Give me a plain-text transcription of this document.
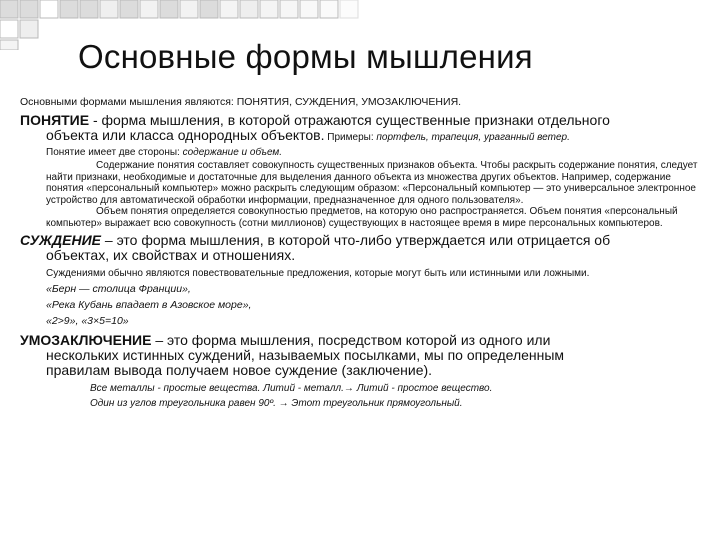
Основные формы мышления
Основными формами мышления являются: ПОНЯТИЯ, СУЖДЕНИЯ, УМОЗАКЛЮЧЕНИЯ.
ПОНЯТИЕ - форма мышления, в которой отражаются существенные признаки отдельного
объекта или класса однородных объектов. Примеры: портфель, трапеция, ураганный ветер.
Понятие имеет две стороны: содержание и объем.
Содержание понятия составляет совокупность существенных признаков объекта. Чтобы раскрыть содержание понятия, следует найти признаки, необходимые и достаточные для выделения данного объекта из множества других объектов. Например, содержание понятия «персональный компьютер» можно раскрыть следующим образом: «Персональный компьютер — это универсальное электронное устройство для автоматической обработки информации, предназначенное для одного пользователя».
Объем понятия определяется совокупностью предметов, на которую оно распространяется. Объем понятия «персональный компьютер» выражает всю совокупность (сотни миллионов) существующих в настоящее время в мире персональных компьютеров.
СУЖДЕНИЕ – это форма мышления, в которой что-либо утверждается или отрицается об
объектах, их свойствах и отношениях.
Суждениями обычно являются повествовательные предложения, которые могут быть или истинными или ложными.
«Берн — столица Франции»,
«Река Кубань впадает в Азовское море»,
«2>9», «3×5=10»
УМОЗАКЛЮЧЕНИЕ – это форма мышления, посредством которой из одного или
нескольких истинных суждений, называемых посылками, мы по определенным
правилам вывода получаем новое суждение (заключение).
Все металлы - простые вещества. Литий - металл.→ Литий - простое вещество.
Один из углов треугольника равен 90º. → Этот треугольник прямоугольный.
